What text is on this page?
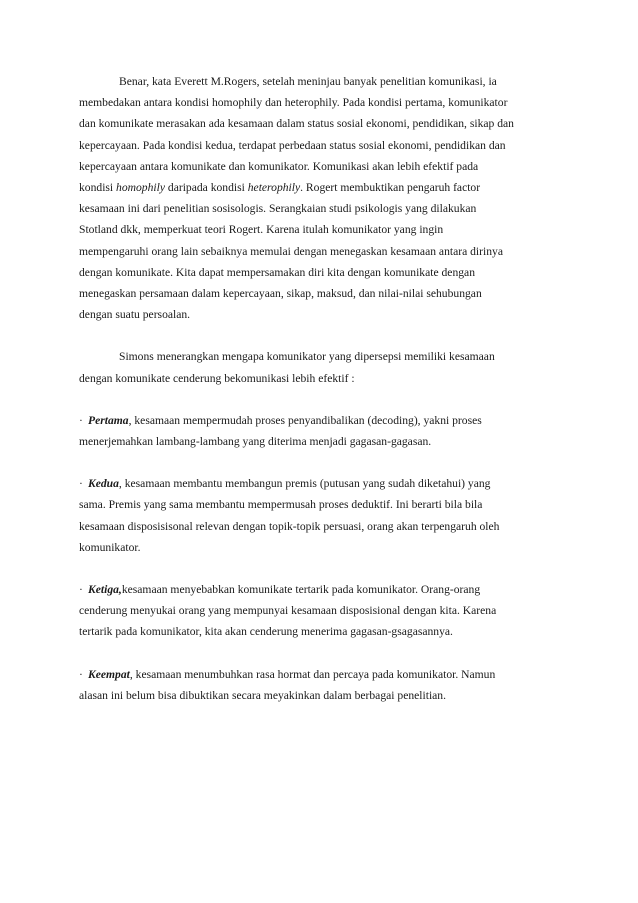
Benar, kata Everett M.Rogers, setelah meninjau banyak penelitian komunikasi, ia
membedakan antara kondisi homophily dan heterophily. Pada kondisi pertama, komunikator
dan komunikate merasakan ada kesamaan dalam status sosial ekonomi, pendidikan, sikap dan
kepercayaan. Pada kondisi kedua, terdapat perbedaan status sosial ekonomi, pendidikan dan
kepercayaan antara komunikate dan komunikator. Komunikasi akan lebih efektif pada
kondisi homophily daripada kondisi heterophily. Rogert membuktikan pengaruh factor
kesamaan ini dari penelitian sosisologis. Serangkaian studi psikologis yang dilakukan
Stotland dkk, memperkuat teori Rogert. Karena itulah komunikator yang ingin
mempengaruhi orang lain sebaiknya memulai dengan menegaskan kesamaan antara dirinya
dengan komunikate. Kita dapat mempersamakan diri kita dengan komunikate dengan
menegaskan persamaan dalam kepercayaan, sikap, maksud, dan nilai-nilai sehubungan
dengan suatu persoalan.
Simons menerangkan mengapa komunikator yang dipersepsi memiliki kesamaan
dengan komunikate cenderung bekomunikasi lebih efektif :
· Pertama, kesamaan mempermudah proses penyandibalikan (decoding), yakni proses
menerjemahkan lambang-lambang yang diterima menjadi gagasan-gagasan.
· Kedua, kesamaan membantu membangun premis (putusan yang sudah diketahui) yang
sama. Premis yang sama membantu mempermusah proses deduktif. Ini berarti bila bila
kesamaan disposisisonal relevan dengan topik-topik persuasi, orang akan terpengaruh oleh
komunikator.
· Ketiga,kesamaan menyebabkan komunikate tertarik pada komunikator. Orang-orang
cenderung menyukai orang yang mempunyai kesamaan disposisional dengan kita. Karena
tertarik pada komunikator, kita akan cenderung menerima gagasan-gsagasannya.
· Keempat, kesamaan menumbuhkan rasa hormat dan percaya pada komunikator. Namun
alasan ini belum bisa dibuktikan secara meyakinkan dalam berbagai penelitian.
